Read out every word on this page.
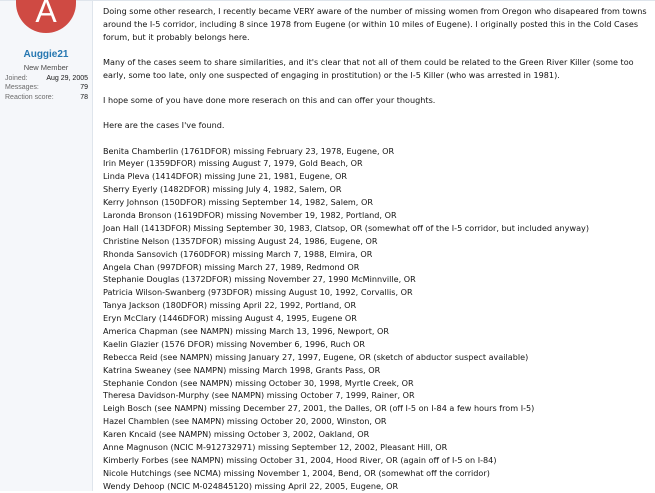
A
Auggie21
New Member
Joined:	Aug 29, 2005
Messages:	79
Reaction score:	78

Doing some other research, I recently became VERY aware of the number of missing women from Oregon who disapeared from towns around the I-5 corridor, including 8 since 1978 from Eugene (or within 10 miles of Eugene). I originally posted this in the Cold Cases forum, but it probably belongs here.

Many of the cases seem to share similarities, and it's clear that not all of them could be related to the Green River Killer (some too early, some too late, only one suspected of engaging in prostitution) or the I-5 Killer (who was arrested in 1981).

I hope some of you have done more reserach on this and can offer your thoughts.

Here are the cases I've found.

Benita Chamberlin (1761DFOR) missing February 23, 1978, Eugene, OR
Irin Meyer (1359DFOR) missing August 7, 1979, Gold Beach, OR
Linda Pleva (1414DFOR) missing June 21, 1981, Eugene, OR
Sherry Eyerly (1482DFOR) missing July 4, 1982, Salem, OR
Kerry Johnson (150DFOR) missing September 14, 1982, Salem, OR
Laronda Bronson (1619DFOR) missing November 19, 1982, Portland, OR
Joan Hall (1413DFOR) Missing September 30, 1983, Clatsop, OR (somewhat off of the I-5 corridor, but included anyway)
Christine Nelson (1357DFOR) missing August 24, 1986, Eugene, OR
Rhonda Sansovich (1760DFOR) missing March 7, 1988, Elmira, OR
Angela Chan (997DFOR) missing March 27, 1989, Redmond OR
Stephanie Douglas (1372DFOR) missing November 27, 1990 McMinnville, OR
Patricia Wilson-Swanberg (973DFOR) missing August 10, 1992, Corvallis, OR
Tanya Jackson (180DFOR) missing April 22, 1992, Portland, OR
Eryn McClary (1446DFOR) missing August 4, 1995, Eugene OR
America Chapman (see NAMPN) missing March 13, 1996, Newport, OR
Kaelin Glazier (1576 DFOR) missing November 6, 1996, Ruch OR
Rebecca Reid (see NAMPN) missing January 27, 1997, Eugene, OR (sketch of abductor suspect available)
Katrina Sweaney (see NAMPN) missing March 1998, Grants Pass, OR
Stephanie Condon (see NAMPN) missing October 30, 1998, Myrtle Creek, OR
Theresa Davidson-Murphy (see NAMPN) missing October 7, 1999, Rainer, OR
Leigh Bosch (see NAMPN) missing December 27, 2001, the Dalles, OR (off I-5 on I-84 a few hours from I-5)
Hazel Chamblen (see NAMPN) missing October 20, 2000, Winston, OR
Karen Kncaid (see NAMPN) missing October 3, 2002, Oakland, OR
Anne Magnuson (NCIC M-912732971) missing September 12, 2002, Pleasant Hill, OR
Kimberly Forbes (see NAMPN) missing October 31, 2004, Hood River, OR (again off of I-5 on I-84)
Nicole Hutchings (see NCMA) missing November 1, 2004, Bend, OR (somewhat off the corridor)
Wendy Dehoop (NCIC M-024845120) missing April 22, 2005, Eugene, OR
